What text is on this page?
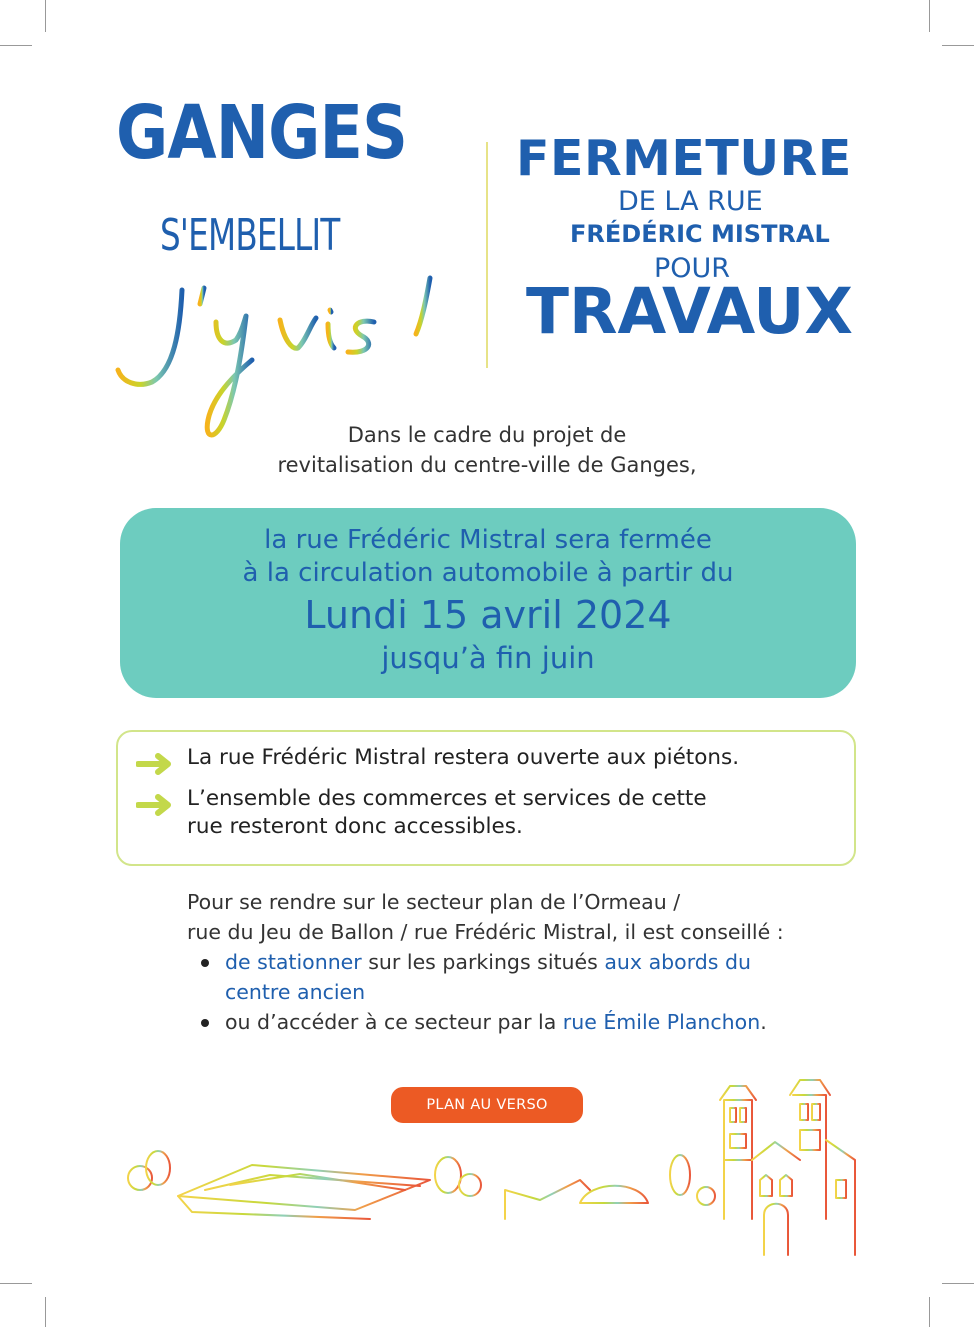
GANGES
S'EMBELLIT
FERMETURE
DE LA RUE
FRÉDÉRIC MISTRAL
POUR
TRAVAUX
Dans le cadre du projet de
revitalisation du centre-ville de Ganges,
la rue Frédéric Mistral sera fermée
à la circulation automobile à partir du
Lundi 15 avril 2024
jusqu’à fin juin
La rue Frédéric Mistral restera ouverte aux piétons.
L’ensemble des commerces et services de cette
rue resteront donc accessibles.
Pour se rendre sur le secteur plan de l’Ormeau /
rue du Jeu de Ballon / rue Frédéric Mistral, il est conseillé :
de stationner sur les parkings situés aux abords du
centre ancien
ou d’accéder à ce secteur par la rue Émile Planchon.
PLAN AU VERSO
